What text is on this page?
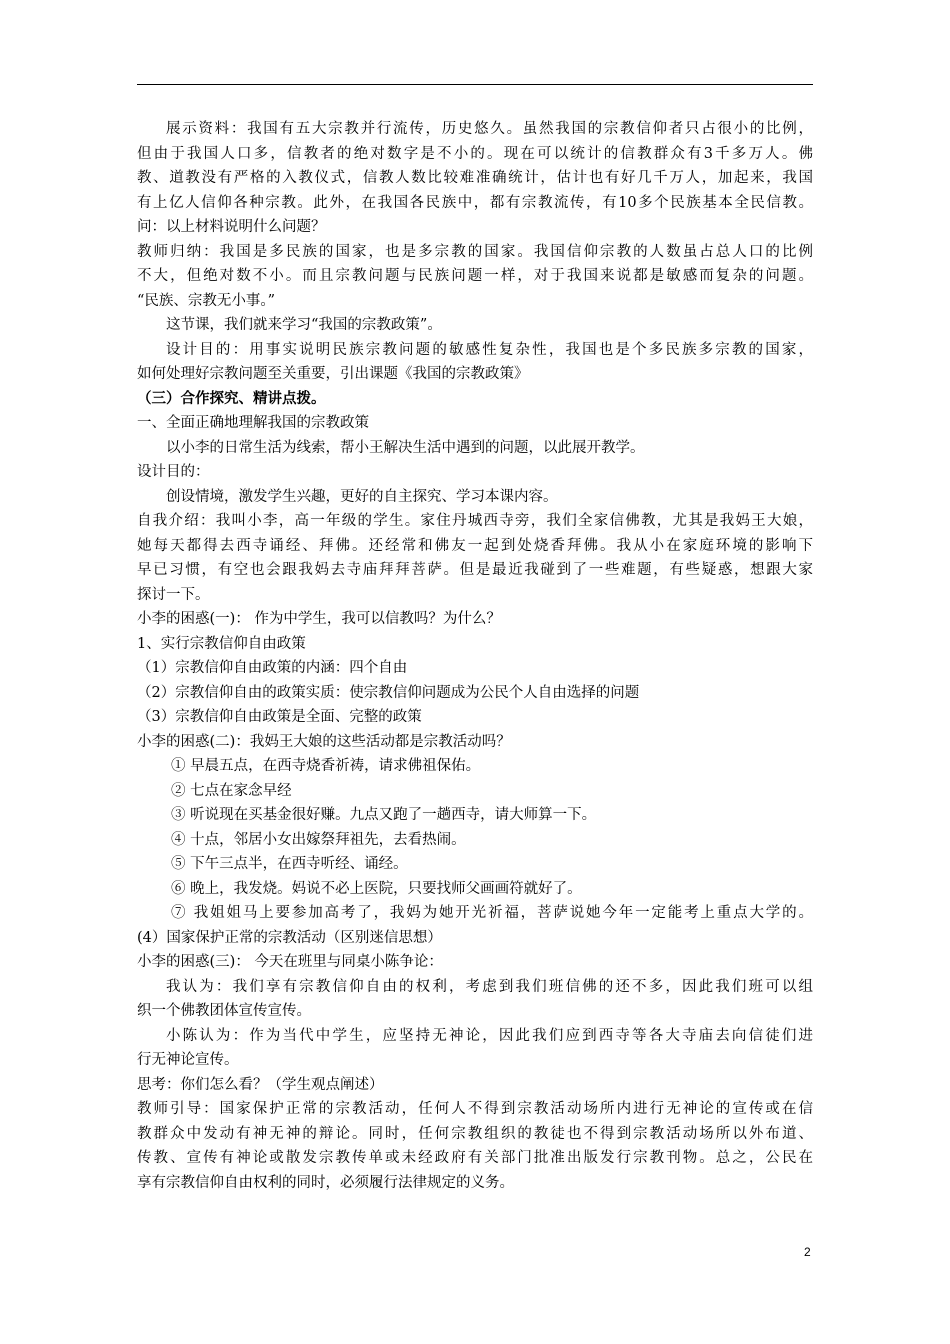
展示资料：我国有五大宗教并行流传，历史悠久。虽然我国的宗教信仰者只占很小的比例，
但由于我国人口多，信教者的绝对数字是不小的。现在可以统计的信教群众有3千多万人。佛
教、道教没有严格的入教仪式，信教人数比较难准确统计，估计也有好几千万人，加起来，我国
有上亿人信仰各种宗教。此外，在我国各民族中，都有宗教流传，有10多个民族基本全民信教。
问：以上材料说明什么问题？
教师归纳：我国是多民族的国家，也是多宗教的国家。我国信仰宗教的人数虽占总人口的比例
不大，但绝对数不小。而且宗教问题与民族问题一样，对于我国来说都是敏感而复杂的问题。
“民族、宗教无小事。”
这节课，我们就来学习“我国的宗教政策”。
设计目的：用事实说明民族宗教问题的敏感性复杂性，我国也是个多民族多宗教的国家，
如何处理好宗教问题至关重要，引出课题《我国的宗教政策》
（三）合作探究、精讲点拨。
一、全面正确地理解我国的宗教政策
以小李的日常生活为线索，帮小王解决生活中遇到的问题，以此展开教学。
设计目的：
创设情境，激发学生兴趣，更好的自主探究、学习本课内容。
自我介绍：我叫小李，高一年级的学生。家住丹城西寺旁，我们全家信佛教，尤其是我妈王大娘，
她每天都得去西寺诵经、拜佛。还经常和佛友一起到处烧香拜佛。我从小在家庭环境的影响下
早已习惯，有空也会跟我妈去寺庙拜拜菩萨。但是最近我碰到了一些难题，有些疑惑，想跟大家
探讨一下。
小李的困惑(一)： 作为中学生，我可以信教吗？为什么？
1、实行宗教信仰自由政策
（1）宗教信仰自由政策的内涵：四个自由
（2）宗教信仰自由的政策实质：使宗教信仰问题成为公民个人自由选择的问题
（3）宗教信仰自由政策是全面、完整的政策
小李的困惑(二)：我妈王大娘的这些活动都是宗教活动吗？
① 早晨五点，在西寺烧香祈祷，请求佛祖保佑。
② 七点在家念早经
③ 听说现在买基金很好赚。九点又跑了一趟西寺，请大师算一下。
④ 十点，邻居小女出嫁祭拜祖先，去看热闹。
⑤ 下午三点半，在西寺听经、诵经。
⑥ 晚上，我发烧。妈说不必上医院，只要找师父画画符就好了。
⑦ 我姐姐马上要参加高考了，我妈为她开光祈福，菩萨说她今年一定能考上重点大学的。
(4）国家保护正常的宗教活动（区别迷信思想）
小李的困惑(三)： 今天在班里与同桌小陈争论：
我认为：我们享有宗教信仰自由的权利，考虑到我们班信佛的还不多，因此我们班可以组
织一个佛教团体宣传宣传。
小陈认为：作为当代中学生，应坚持无神论，因此我们应到西寺等各大寺庙去向信徒们进
行无神论宣传。
思考：你们怎么看？（学生观点阐述）
教师引导：国家保护正常的宗教活动，任何人不得到宗教活动场所内进行无神论的宣传或在信
教群众中发动有神无神的辩论。同时，任何宗教组织的教徒也不得到宗教活动场所以外布道、
传教、宣传有神论或散发宗教传单或未经政府有关部门批准出版发行宗教刊物。总之，公民在
享有宗教信仰自由权利的同时，必须履行法律规定的义务。
2
